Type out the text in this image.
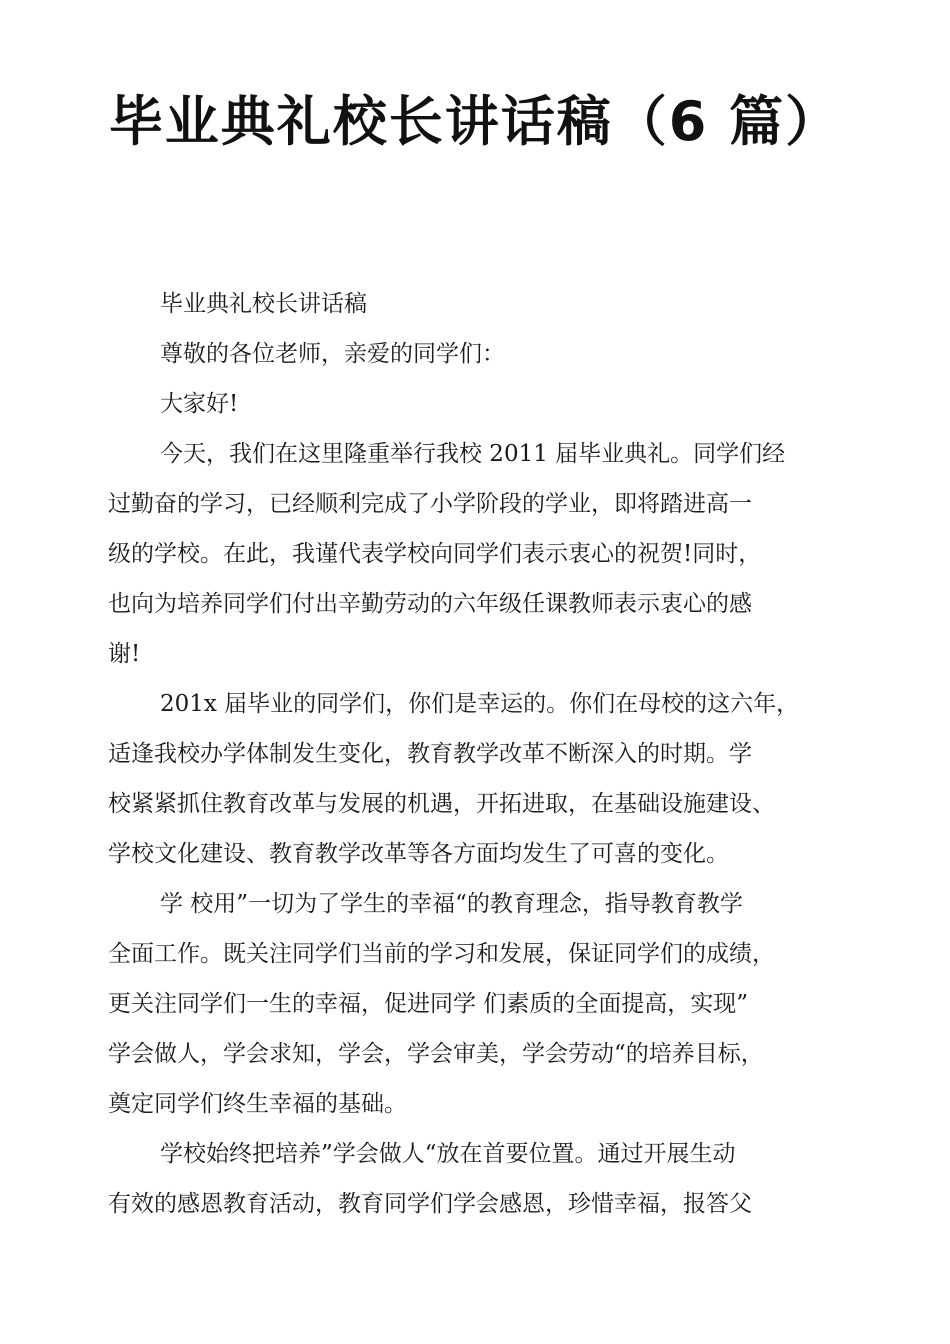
毕业典礼校长讲话稿（6 篇）
毕业典礼校长讲话稿
尊敬的各位老师，亲爱的同学们：
大家好!
今天，我们在这里隆重举行我校 2011 届毕业典礼。同学们经
过勤奋的学习，已经顺利完成了小学阶段的学业，即将踏进高一
级的学校。在此，我谨代表学校向同学们表示衷心的祝贺!同时，
也向为培养同学们付出辛勤劳动的六年级任课教师表示衷心的感
谢!
201x 届毕业的同学们，你们是幸运的。你们在母校的这六年，
适逢我校办学体制发生变化，教育教学改革不断深入的时期。学
校紧紧抓住教育改革与发展的机遇，开拓进取，在基础设施建设、
学校文化建设、教育教学改革等各方面均发生了可喜的变化。
学 校用”一切为了学生的幸福“的教育理念，指导教育教学
全面工作。既关注同学们当前的学习和发展，保证同学们的成绩，
更关注同学们一生的幸福，促进同学 们素质的全面提高，实现”
学会做人，学会求知，学会，学会审美，学会劳动“的培养目标，
奠定同学们终生幸福的基础。
学校始终把培养”学会做人“放在首要位置。通过开展生动
有效的感恩教育活动，教育同学们学会感恩，珍惜幸福，报答父
